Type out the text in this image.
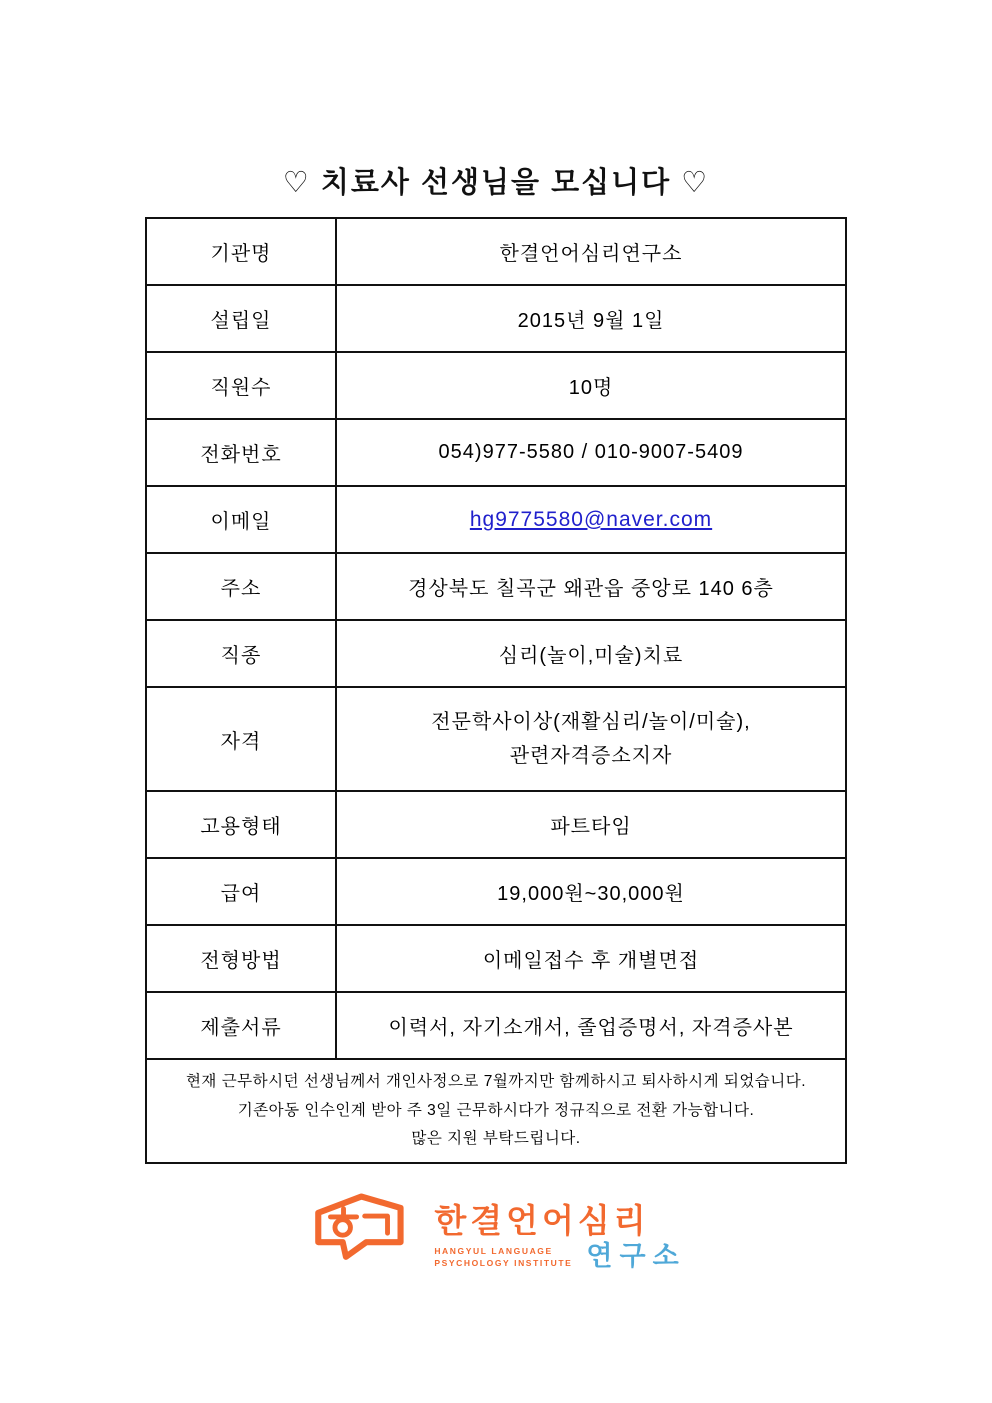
♡ 치료사 선생님을 모십니다 ♡
기관명	한결언어심리연구소
설립일	2015년 9월 1일
직원수	10명
전화번호	054)977-5580 / 010-9007-5409
이메일	hg9775580@naver.com
주소	경상북도 칠곡군 왜관읍 중앙로 140 6층
직종	심리(놀이,미술)치료
자격	전문학사이상(재활심리/놀이/미술),
관련자격증소지자

고용형태	파트타임
급여	19,000원~30,000원
전형방법	이메일접수 후 개별면접
제출서류	이력서, 자기소개서, 졸업증명서, 자격증사본

현재 근무하시던 선생님께서 개인사정으로 7월까지만 함께하시고 퇴사하시게 되었습니다.
기존아동 인수인계 받아 주 3일 근무하시다가 정규직으로 전환 가능합니다.
많은 지원 부탁드립니다.	
한결언어심리
HANGYUL LANGUAGE
PSYCHOLOGY INSTITUTE 연구소
